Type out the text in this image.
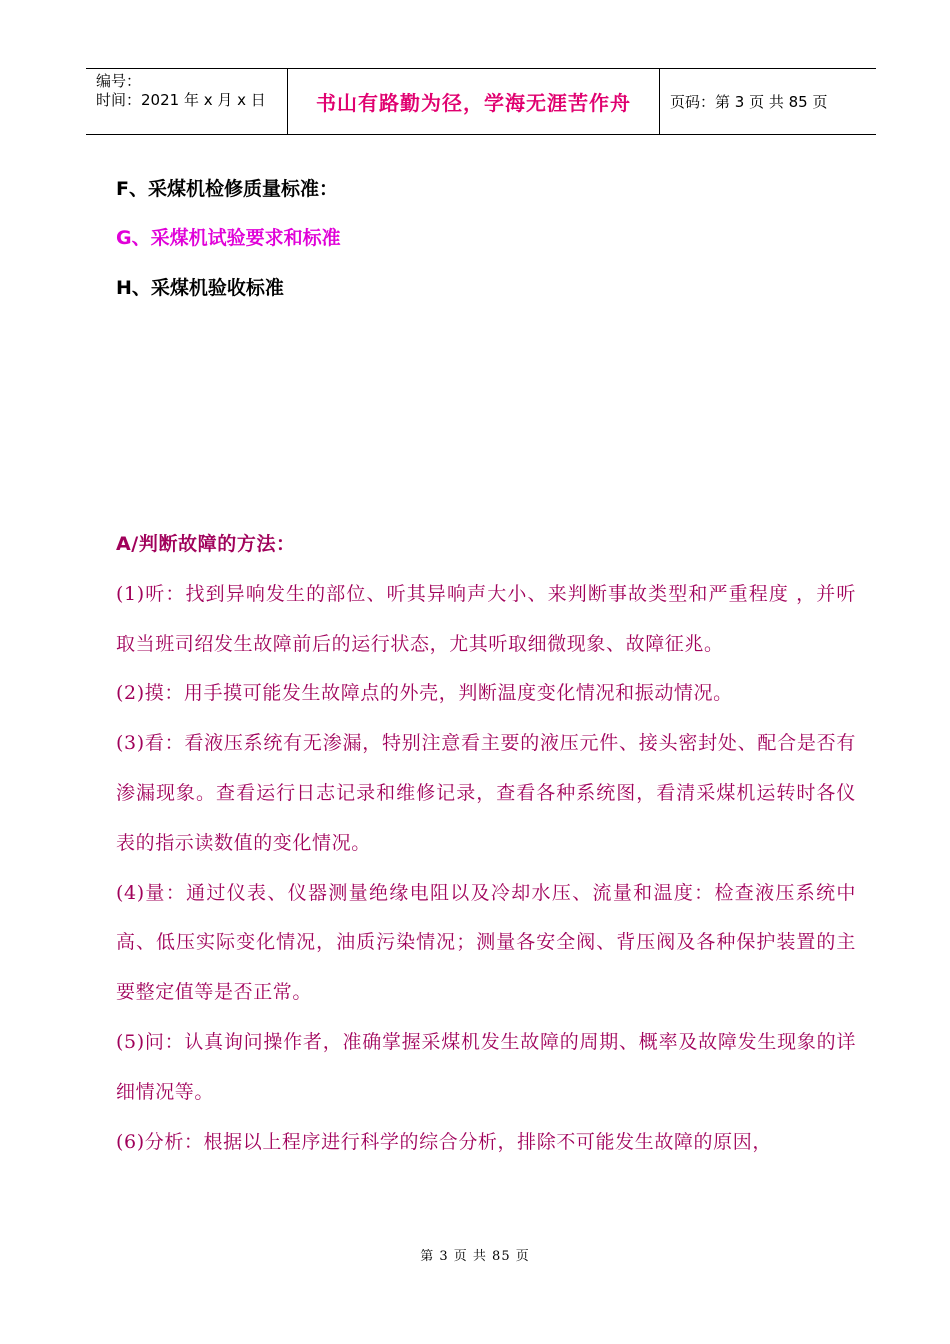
编号：
时间：2021 年 x 月 x 日	书山有路勤为径，学海无涯苦作舟	页码：第 3 页 共 85 页
F、采煤机检修质量标准：
G、采煤机试验要求和标准
H、采煤机验收标准

A/判断故障的方法：

(1)听：找到异响发生的部位、听其异响声大小、来判断事故类型和严重程度 ，并听取当班司绍发生故障前后的运行状态，尤其听取细微现象、故障征兆。

(2)摸：用手摸可能发生故障点的外壳，判断温度变化情况和振动情况。

(3)看：看液压系统有无渗漏，特别注意看主要的液压元件、接头密封处、配合是否有渗漏现象。查看运行日志记录和维修记录，查看各种系统图，看清采煤机运转时各仪表的指示读数值的变化情况。

(4)量：通过仪表、仪器测量绝缘电阻以及冷却水压、流量和温度：检查液压系统中高、低压实际变化情况，油质污染情况；测量各安全阀、背压阀及各种保护装置的主要整定值等是否正常。

(5)问：认真询问操作者，准确掌握采煤机发生故障的周期、概率及故障发生现象的详细情况等。

(6)分析：根据以上程序进行科学的综合分析，排除不可能发生故障的原因，

第 3 页 共 85 页
